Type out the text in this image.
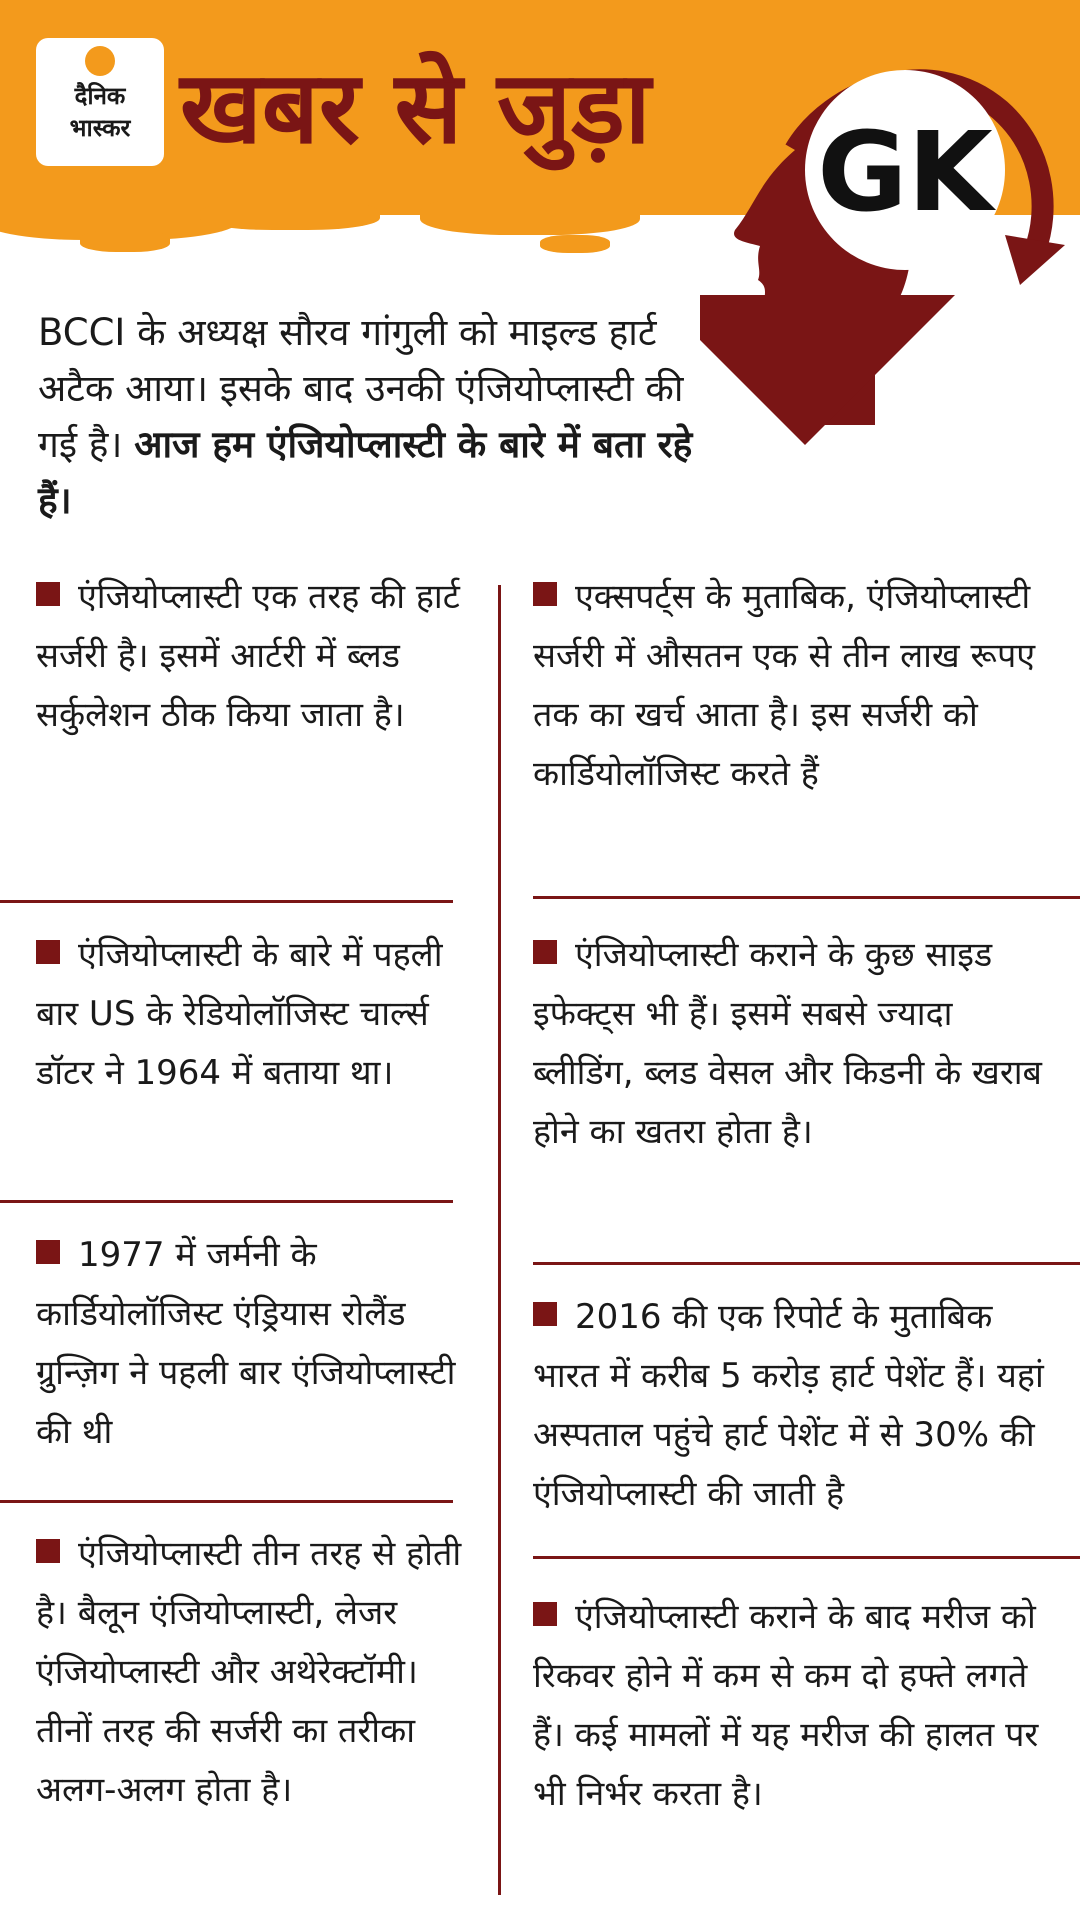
दैनिक
भास्कर खबर से जुड़ा
GK
BCCI के अध्यक्ष सौरव गांगुली को माइल्ड हार्ट अटैक आया। इसके बाद उनकी एंजियोप्लास्टी की गई है। आज हम एंजियोप्लास्टी के बारे में बता रहे हैं।
एंजियोप्लास्टी एक तरह की हार्ट सर्जरी है। इसमें आर्टरी में ब्लड सर्कुलेशन ठीक किया जाता है।
एंजियोप्लास्टी के बारे में पहली बार US के रेडियोलॉजिस्ट चार्ल्स डॉटर ने 1964 में बताया था।
1977 में जर्मनी के कार्डियोलॉजिस्ट एंड्रियास रोलैंड ग्रुन्ज़िग ने पहली बार एंजियोप्लास्टी की थी
एंजियोप्लास्टी तीन तरह से होती है। बैलून एंजियोप्लास्टी, लेजर एंजियोप्लास्टी और अथेरेक्टॉमी। तीनों तरह की सर्जरी का तरीका अलग-अलग होता है।
एक्सपर्ट्स के मुताबिक, एंजियोप्लास्टी सर्जरी में औसतन एक से तीन लाख रूपए तक का खर्च आता है। इस सर्जरी को कार्डियोलॉजिस्ट करते हैं
एंजियोप्लास्टी कराने के कुछ साइड इफेक्ट्स भी हैं। इसमें सबसे ज्यादा ब्लीडिंग, ब्लड वेसल और किडनी के खराब होने का खतरा होता है।
2016 की एक रिपोर्ट के मुताबिक भारत में करीब 5 करोड़ हार्ट पेशेंट हैं। यहां अस्पताल पहुंचे हार्ट पेशेंट में से 30% की एंजियोप्लास्टी की जाती है
एंजियोप्लास्टी कराने के बाद मरीज को रिकवर होने में कम से कम दो हफ्ते लगते हैं। कई मामलों में यह मरीज की हालत पर भी निर्भर करता है।
